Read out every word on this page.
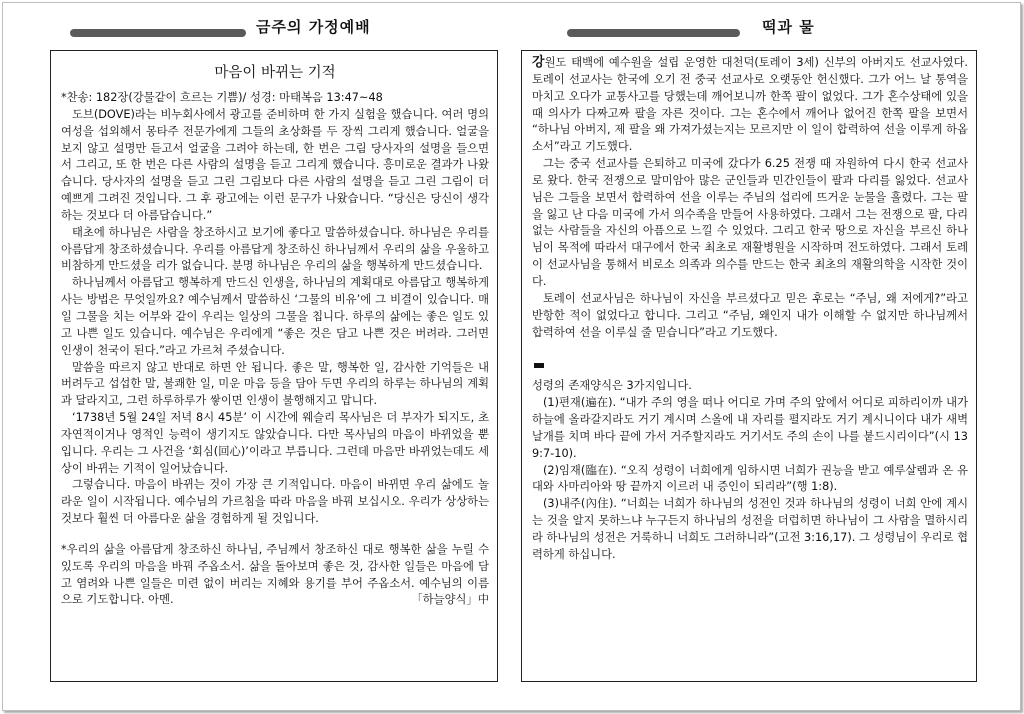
금주의 가정예배	떡과 물
마음이 바뀌는 기적

*찬송: 182장(강물같이 흐르는 기쁨)/ 성경: 마태복음 13:47~48

도브(DOVE)라는 비누회사에서 광고를 준비하며 한 가지 실험을 했습니다. 여러 명의 여성을 섭외해서 몽타주 전문가에게 그들의 초상화를 두 장씩 그리게 했습니다. 얼굴을 보지 않고 설명만 듣고서 얼굴을 그려야 하는데, 한 번은 그림 당사자의 설명을 들으면서 그리고, 또 한 번은 다른 사람의 설명을 듣고 그리게 했습니다. 흥미로운 결과가 나왔습니다. 당사자의 설명을 듣고 그린 그림보다 다른 사람의 설명을 듣고 그린 그림이 더 예쁘게 그려진 것입니다. 그 후 광고에는 이런 문구가 나왔습니다. “당신은 당신이 생각하는 것보다 더 아름답습니다.”

태초에 하나님은 사람을 창조하시고 보기에 좋다고 말씀하셨습니다. 하나님은 우리를 아름답게 창조하셨습니다. 우리를 아름답게 창조하신 하나님께서 우리의 삶을 우울하고 비참하게 만드셨을 리가 없습니다. 분명 하나님은 우리의 삶을 행복하게 만드셨습니다.

하나님께서 아름답고 행복하게 만드신 인생을, 하나님의 계획대로 아름답고 행복하게 사는 방법은 무엇일까요? 예수님께서 말씀하신 ‘그물의 비유’에 그 비결이 있습니다. 매일 그물을 치는 어부와 같이 우리는 일상의 그물을 칩니다. 하루의 삶에는 좋은 일도 있고 나쁜 일도 있습니다. 예수님은 우리에게 “좋은 것은 담고 나쁜 것은 버려라. 그러면 인생이 천국이 된다.”라고 가르쳐 주셨습니다.

말씀을 따르지 않고 반대로 하면 안 됩니다. 좋은 말, 행복한 일, 감사한 기억들은 내버려두고 섭섭한 말, 불쾌한 일, 미운 마음 등을 담아 두면 우리의 하루는 하나님의 계획과 달라지고, 그런 하루하루가 쌓이면 인생이 불행해지고 맙니다.

‘1738년 5월 24일 저녁 8시 45분’ 이 시간에 웨슬리 목사님은 더 부자가 되지도, 초자연적이거나 영적인 능력이 생기지도 않았습니다. 다만 목사님의 마음이 바뀌었을 뿐입니다. 우리는 그 사건을 ‘회심(回心)’이라고 부릅니다. 그런데 마음만 바뀌었는데도 세상이 바뀌는 기적이 일어났습니다.

그렇습니다. 마음이 바뀌는 것이 가장 큰 기적입니다. 마음이 바뀌면 우리 삶에도 놀라운 일이 시작됩니다. 예수님의 가르침을 따라 마음을 바꿔 보십시오. 우리가 상상하는 것보다 훨씬 더 아름다운 삶을 경험하게 될 것입니다.

*우리의 삶을 아름답게 창조하신 하나님, 주님께서 창조하신 대로 행복한 삶을 누릴 수 있도록 우리의 마음을 바꿔 주옵소서. 삶을 돌아보며 좋은 것, 감사한 일들은 마음에 담고 염려와 나쁜 일들은 미련 없이 버리는 지혜와 용기를 부어 주옵소서. 예수님의 이름으로 기도합니다. 아멘.	「하늘양식」中

강원도 태백에 예수원을 설립 운영한 대천덕(토레이 3세) 신부의 아버지도 선교사였다. 토레이 선교사는 한국에 오기 전 중국 선교사로 오랫동안 헌신했다. 그가 어느 날 통역을 마치고 오다가 교통사고를 당했는데 깨어보니까 한쪽 팔이 없었다. 그가 혼수상태에 있을 때 의사가 다짜고짜 팔을 자른 것이다. 그는 혼수에서 깨어나 없어진 한쪽 팔을 보면서 “하나님 아버지, 제 팔을 왜 가져가셨는지는 모르지만 이 일이 합력하여 선을 이루게 하옵소서”라고 기도했다.

그는 중국 선교사를 은퇴하고 미국에 갔다가 6.25 전쟁 때 자원하여 다시 한국 선교사로 왔다. 한국 전쟁으로 말미암아 많은 군인들과 민간인들이 팔과 다리를 잃었다. 선교사님은 그들을 보면서 합력하여 선을 이루는 주님의 섭리에 뜨거운 눈물을 흘렸다. 그는 팔을 잃고 난 다음 미국에 가서 의수족을 만들어 사용하였다. 그래서 그는 전쟁으로 팔, 다리 없는 사람들을 자신의 아픔으로 느낄 수 있었다. 그리고 한국 땅으로 자신을 부르신 하나님이 목적에 따라서 대구에서 한국 최초로 재활병원을 시작하며 전도하였다. 그래서 토레이 선교사님을 통해서 비로소 의족과 의수를 만드는 한국 최초의 재활의학을 시작한 것이다.

토레이 선교사님은 하나님이 자신을 부르셨다고 믿은 후로는 “주님, 왜 저에게?”라고 반항한 적이 없었다고 합니다. 그리고 “주님, 왜인지 내가 이해할 수 없지만 하나님께서 합력하여 선을 이루실 줄 믿습니다”라고 기도했다.

성령의 존재양식은 3가지입니다.

(1)편재(遍在). “내가 주의 영을 떠나 어디로 가며 주의 앞에서 어디로 피하리이까 내가 하늘에 올라갈지라도 거기 계시며 스올에 내 자리를 펼지라도 거기 계시니이다 내가 새벽 날개를 치며 바다 끝에 가서 거주할지라도 거기서도 주의 손이 나를 붙드시리이다”(시 139:7-10).

(2)임재(臨在). “오직 성령이 너희에게 임하시면 너희가 권능을 받고 예루살렘과 온 유대와 사마리아와 땅 끝까지 이르러 내 증인이 되리라”(행 1:8).

(3)내주(內住). “너희는 너희가 하나님의 성전인 것과 하나님의 성령이 너희 안에 계시는 것을 알지 못하느냐 누구든지 하나님의 성전을 더럽히면 하나님이 그 사람을 멸하시리라 하나님의 성전은 거룩하니 너희도 그러하니라”(고전 3:16,17). 그 성령님이 우리로 협력하게 하십니다.
